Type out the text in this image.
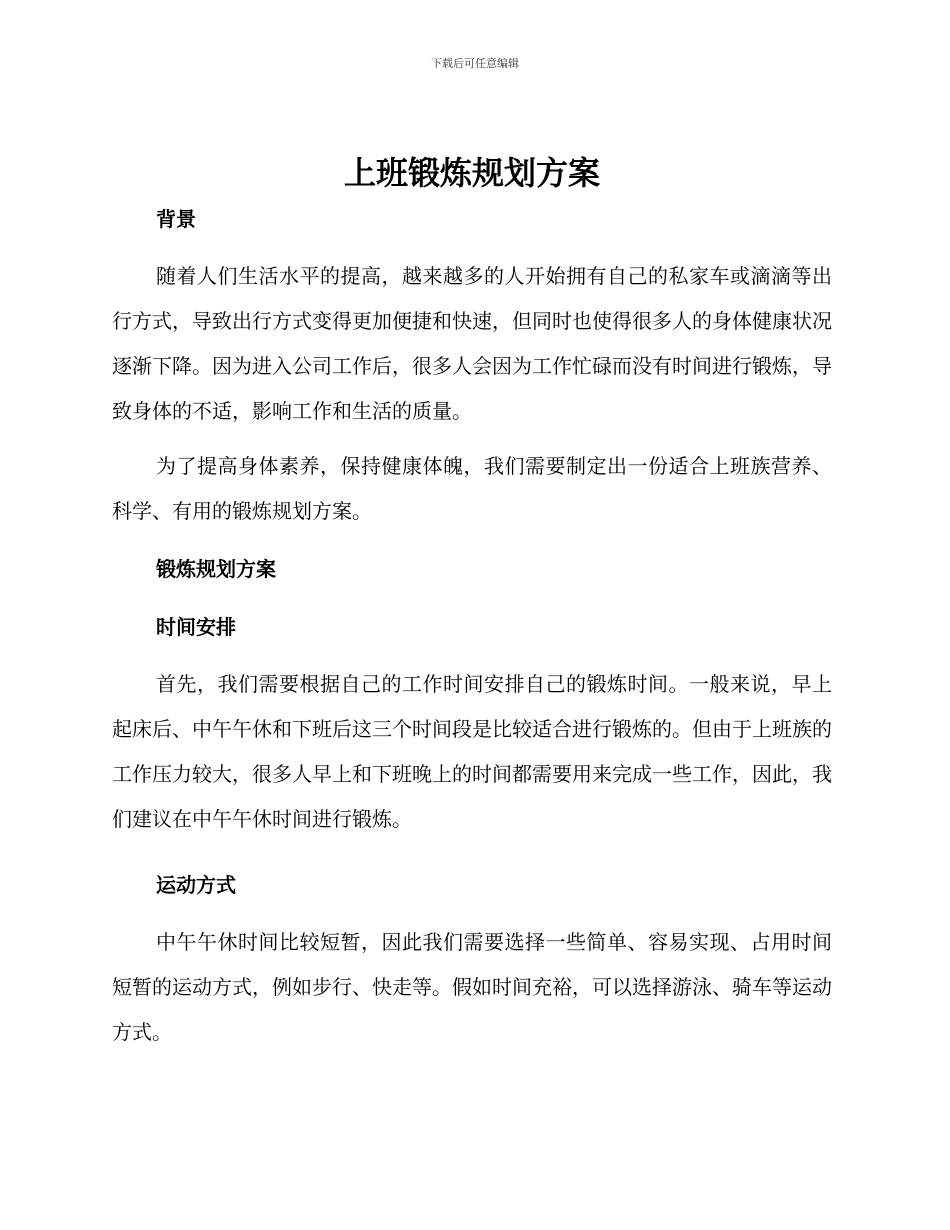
下载后可任意编辑
上班锻炼规划方案
背景

随着人们生活水平的提高，越来越多的人开始拥有自己的私家车或滴滴等出行方式，导致出行方式变得更加便捷和快速，但同时也使得很多人的身体健康状况逐渐下降。因为进入公司工作后，很多人会因为工作忙碌而没有时间进行锻炼，导致身体的不适，影响工作和生活的质量。

为了提高身体素养，保持健康体魄，我们需要制定出一份适合上班族营养、科学、有用的锻炼规划方案。

锻炼规划方案
时间安排

首先，我们需要根据自己的工作时间安排自己的锻炼时间。一般来说，早上起床后、中午午休和下班后这三个时间段是比较适合进行锻炼的。但由于上班族的工作压力较大，很多人早上和下班晚上的时间都需要用来完成一些工作，因此，我们建议在中午午休时间进行锻炼。

运动方式

中午午休时间比较短暂，因此我们需要选择一些简单、容易实现、占用时间短暂的运动方式，例如步行、快走等。假如时间充裕，可以选择游泳、骑车等运动方式。
